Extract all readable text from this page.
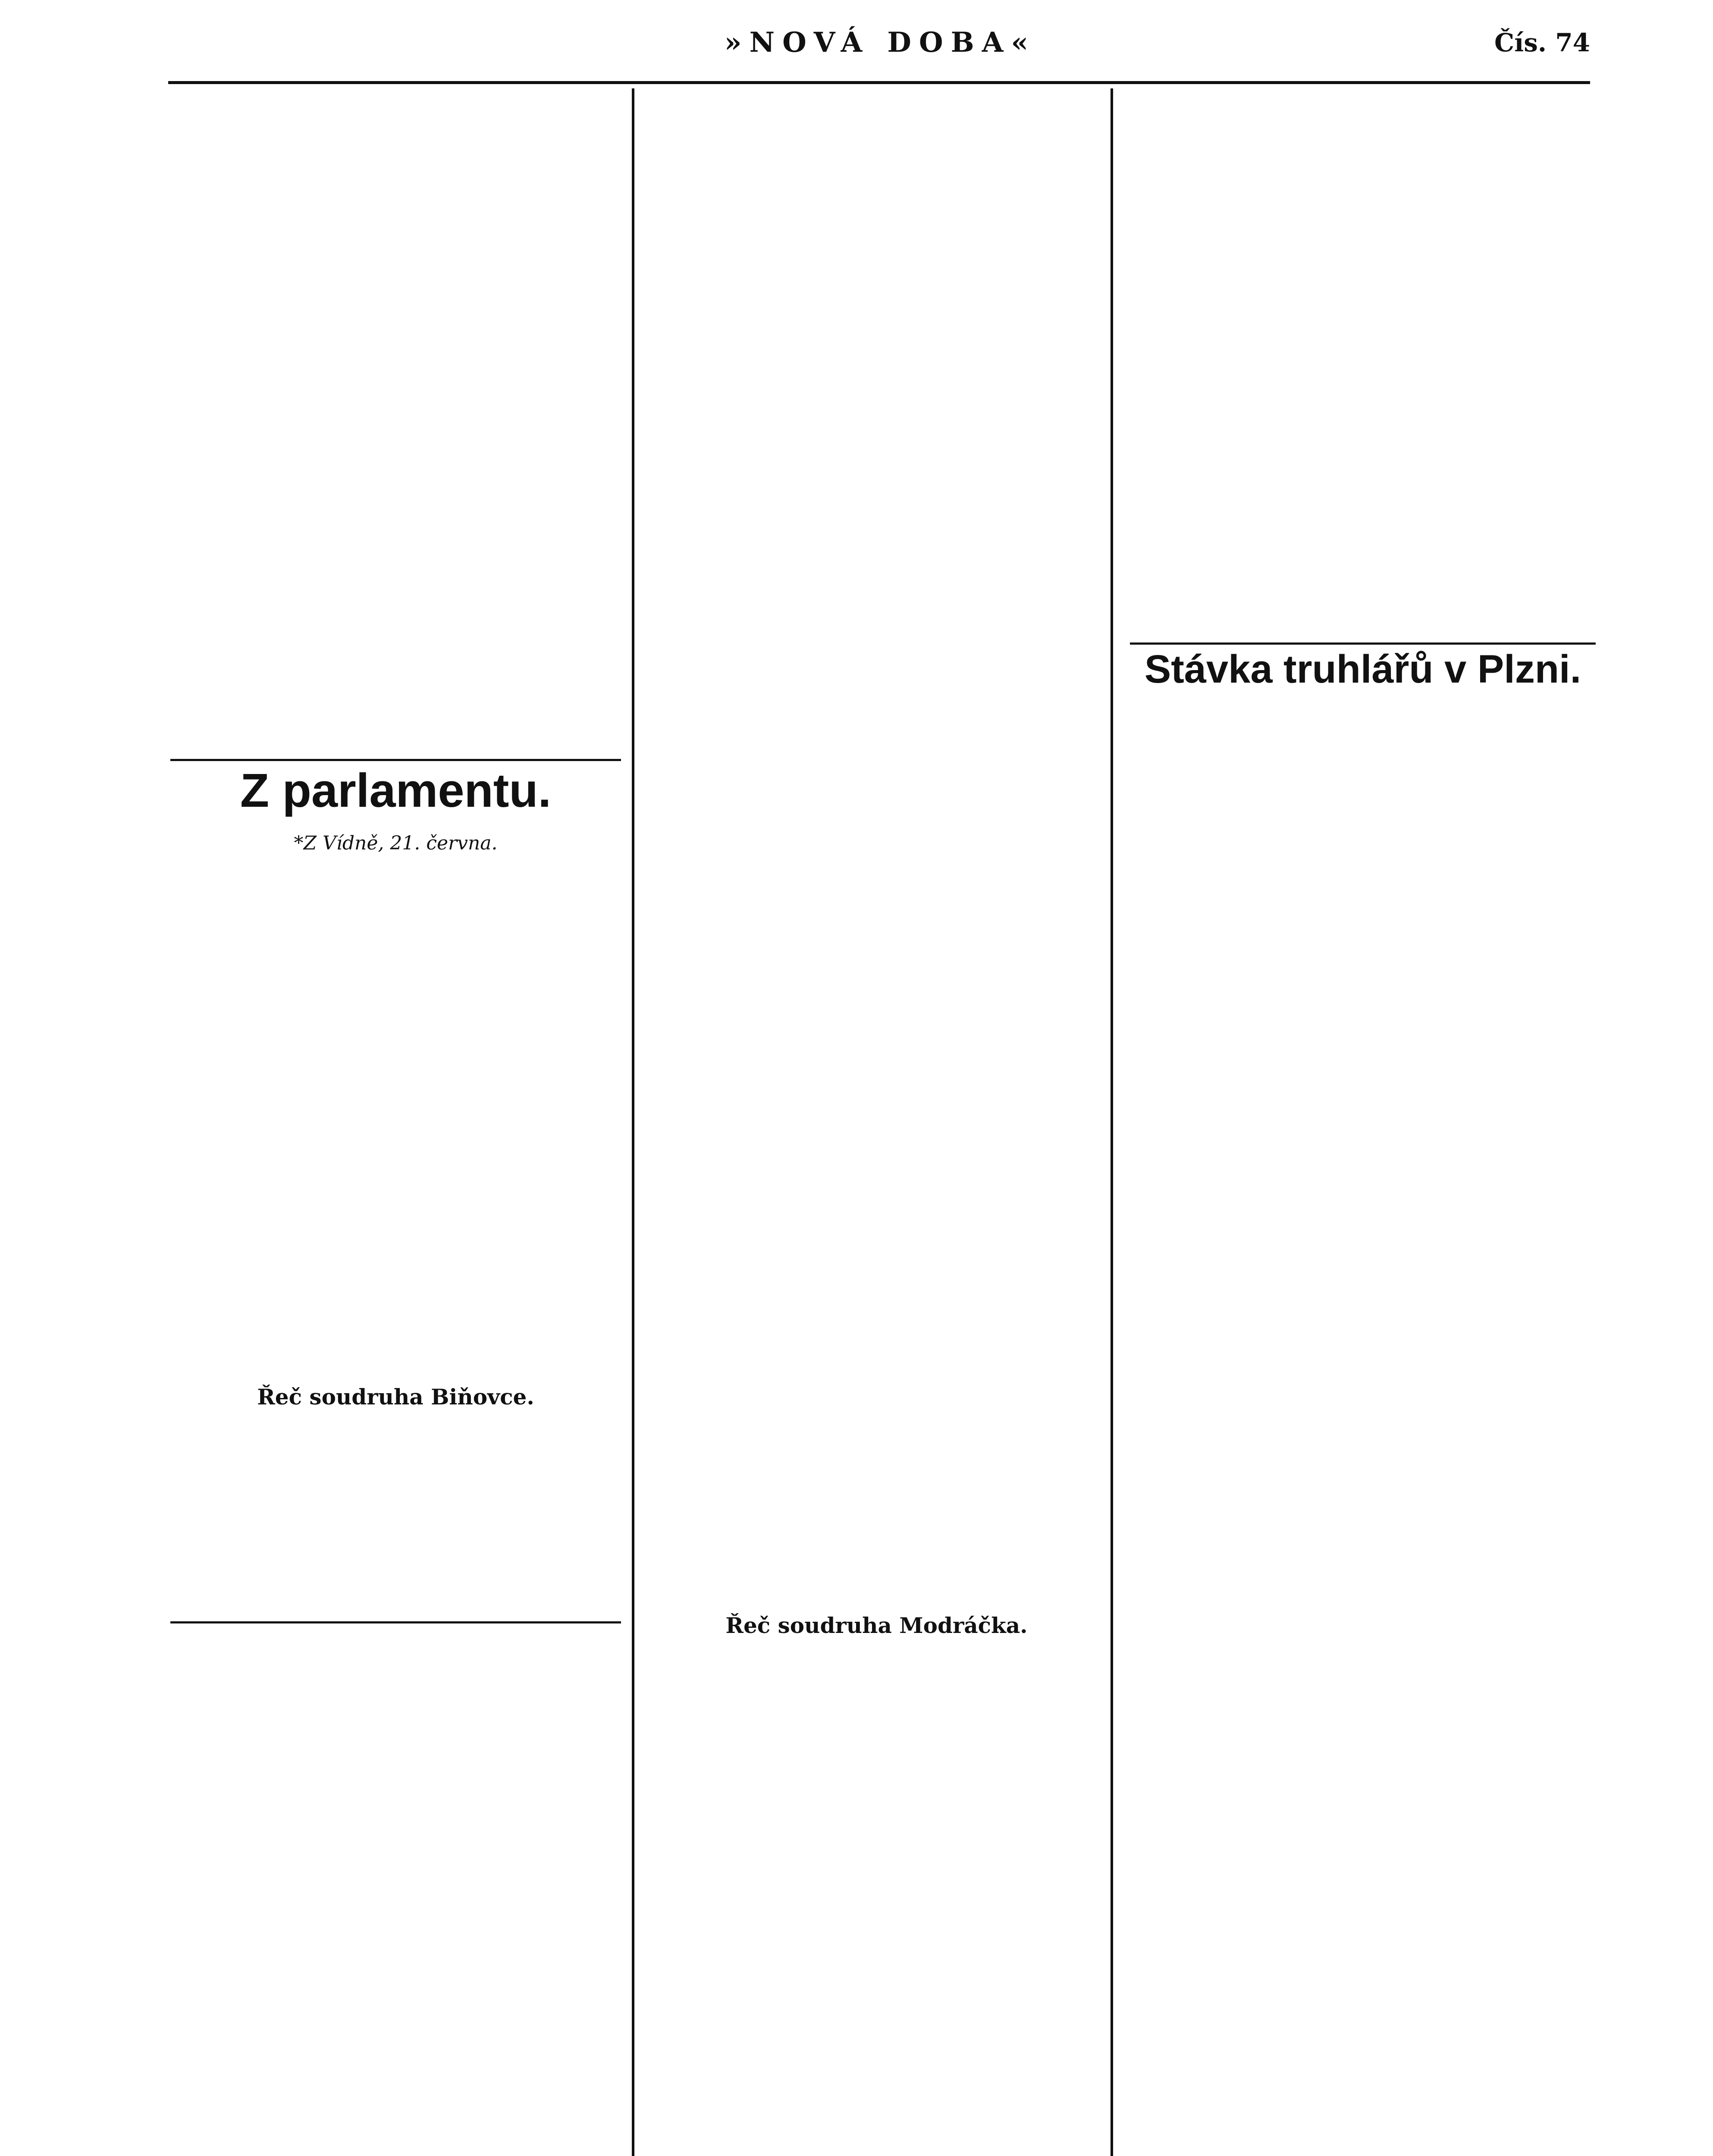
»NOVÁ DOBA«	Čís. 74

Z parlamentu.
*Z Vídně, 21. června.

Řeč soudruha Biňovce.

Řeč soudruha Modráčka.

Stávka truhlářů v Plzni.
